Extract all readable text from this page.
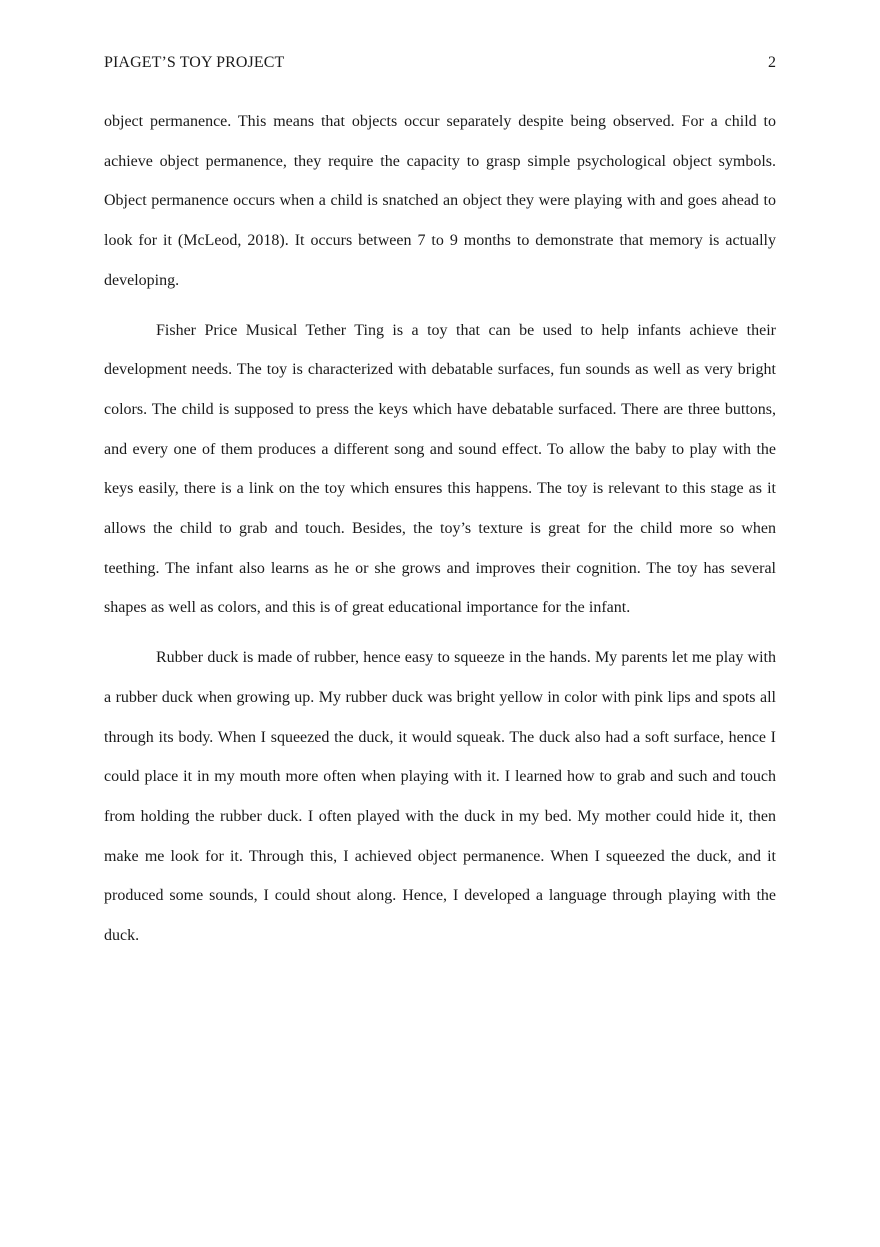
PIAGET’S TOY PROJECT	2

object permanence. This means that objects occur separately despite being observed. For a child to achieve object permanence, they require the capacity to grasp simple psychological object symbols. Object permanence occurs when a child is snatched an object they were playing with and goes ahead to look for it (McLeod, 2018). It occurs between 7 to 9 months to demonstrate that memory is actually developing.

Fisher Price Musical Tether Ting is a toy that can be used to help infants achieve their development needs. The toy is characterized with debatable surfaces, fun sounds as well as very bright colors. The child is supposed to press the keys which have debatable surfaced. There are three buttons, and every one of them produces a different song and sound effect. To allow the baby to play with the keys easily, there is a link on the toy which ensures this happens. The toy is relevant to this stage as it allows the child to grab and touch. Besides, the toy’s texture is great for the child more so when teething. The infant also learns as he or she grows and improves their cognition. The toy has several shapes as well as colors, and this is of great educational importance for the infant.

Rubber duck is made of rubber, hence easy to squeeze in the hands. My parents let me play with a rubber duck when growing up. My rubber duck was bright yellow in color with pink lips and spots all through its body. When I squeezed the duck, it would squeak. The duck also had a soft surface, hence I could place it in my mouth more often when playing with it. I learned how to grab and such and touch from holding the rubber duck. I often played with the duck in my bed. My mother could hide it, then make me look for it. Through this, I achieved object permanence. When I squeezed the duck, and it produced some sounds, I could shout along. Hence, I developed a language through playing with the duck.
